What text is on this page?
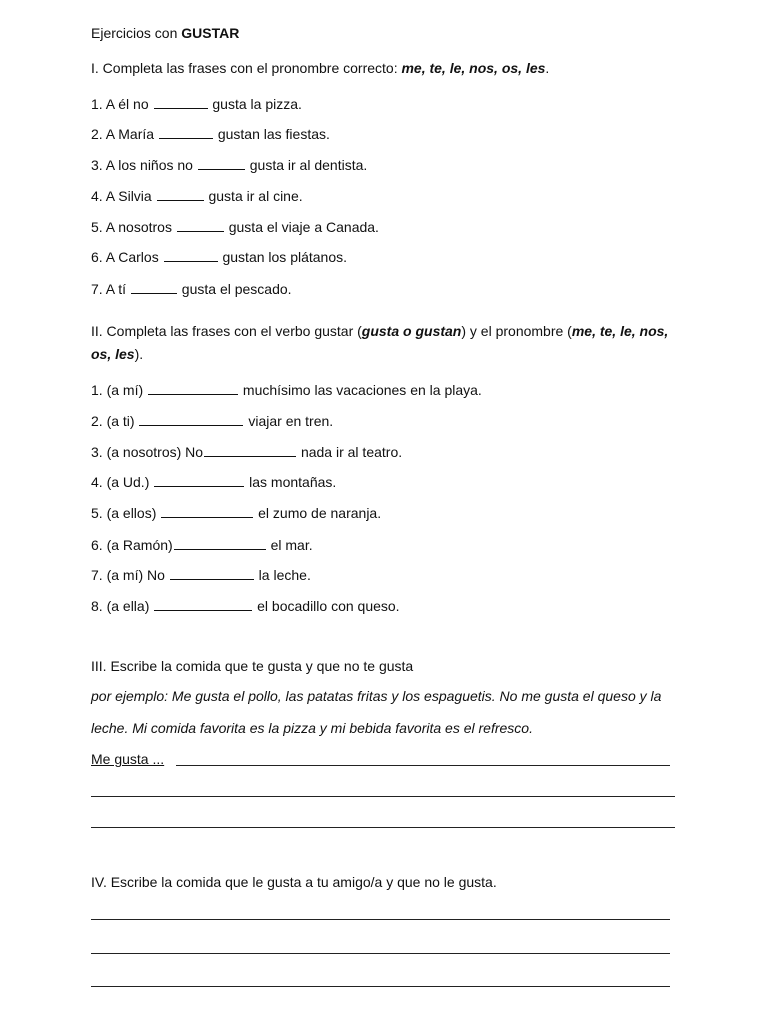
Ejercicios con GUSTAR
I. Completa las frases con el pronombre correcto: me, te, le, nos, os, les.
1. A él no	gusta la pizza.
2. A María	gustan las fiestas.
3. A los niños no	gusta ir al dentista.
4. A Silvia	gusta ir al cine.
5. A nosotros	gusta el viaje a Canada.
6. A Carlos	gustan los plátanos.
7. A tí	gusta el pescado.
II. Completa las frases con el verbo gustar (gusta o gustan) y el pronombre (me, te, le, nos,
os, les).
1. (a mí)	muchísimo las vacaciones en la playa.
2. (a ti)	viajar en tren.
3. (a nosotros) No	nada ir al teatro.
4. (a Ud.)	las montañas.
5. (a ellos)	el zumo de naranja.
6. (a Ramón)	el mar.
7. (a mí) No	la leche.
8. (a ella)	el bocadillo con queso.
III. Escribe la comida que te gusta y que no te gusta
por ejemplo: Me gusta el pollo, las patatas fritas y los espaguetis. No me gusta el queso y la
leche. Mi comida favorita es la pizza y mi bebida favorita es el refresco.
Me gusta ...
IV. Escribe la comida que le gusta a tu amigo/a y que no le gusta.
